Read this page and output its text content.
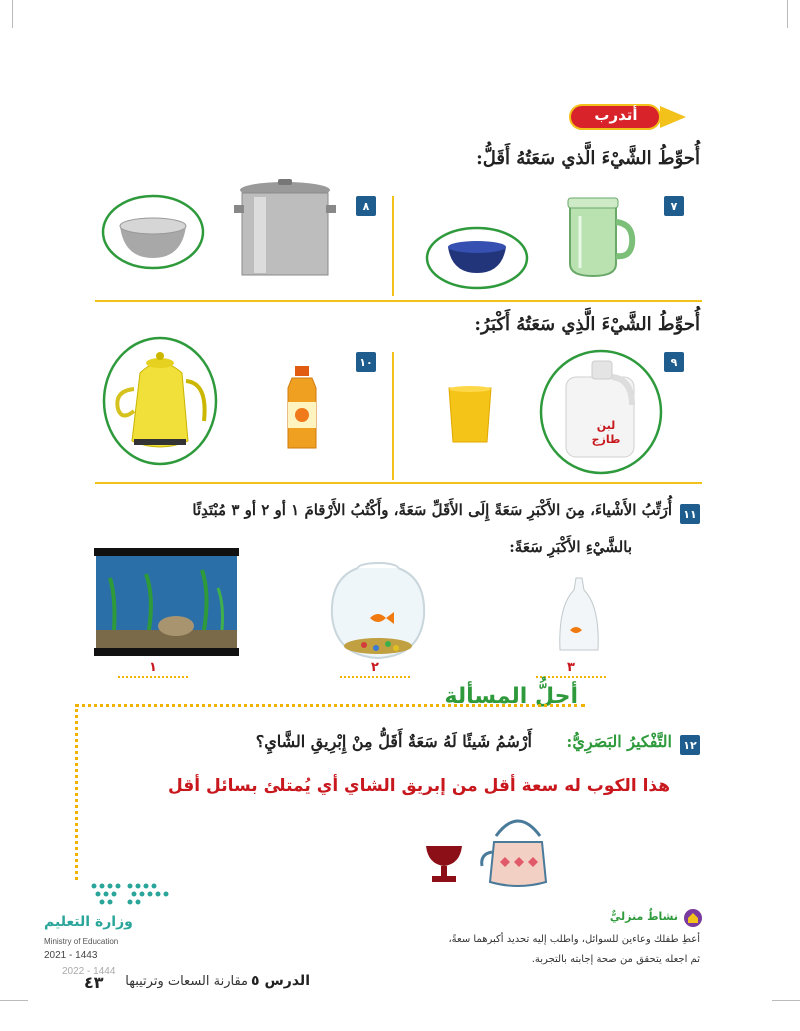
أتدرب
أُحوِّطُ الشَّيْءَ الَّذي سَعَتُهُ أَقَلُّ:
٧
٨
أُحوِّطُ الشَّيْءَ الَّذِي سَعَتُهُ أَكْبَرُ:
٩
١٠
لبن
طازج
١١
أُرَتِّبُ الأَشْياءَ، مِنَ الأَكْبَرِ سَعَةً إِلَى الأَقَلِّ سَعَةً، وأَكْتُبُ الأَرْقامَ ١ أو ٢ أو ٣ مُبْتَدِئًا
بالشَّيْءِ الأَكْبَرِ سَعَةً:
١	٢	٣
أحلُّ المسألة
١٢
التَّفْكيرُ البَصَرِيُّ:
أَرْسُمُ شَيئًا لَهُ سَعَةٌ أَقَلُّ مِنْ إِبْرِيقِ الشَّايِ؟
هذا الكوب له سعة أقل من إبريق الشاي أي يُمتلئ بسائل أقل
وزارة التعليم
Ministry of Education
2021 - 1443
2022 - 1444
٤٣	الدرس ٥
مقارنة السعات وترتيبها
نشاطٌ منزليٌّ
أعطِ طفلك وعاءين للسوائل، واطلب إليه تحديد أكبرهما سعةً،
ثم اجعله يتحقق من صحة إجابته بالتجربة.
